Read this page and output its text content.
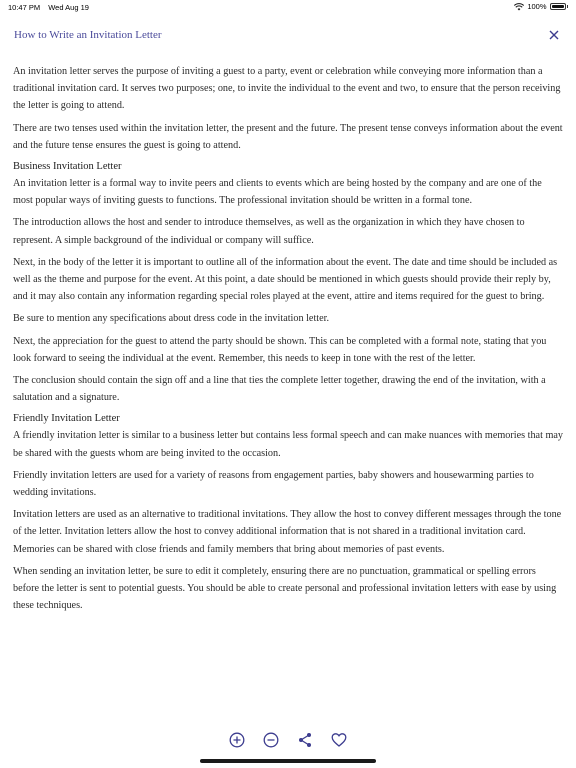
10:47 PM Wed Aug 19	100%
How to Write an Invitation Letter

An invitation letter serves the purpose of inviting a guest to a party, event or celebration while conveying more information than a traditional invitation card. It serves two purposes; one, to invite the individual to the event and two, to ensure that the person receiving the letter is going to attend.

There are two tenses used within the invitation letter, the present and the future. The present tense conveys information about the event and the future tense ensures the guest is going to attend.

Business Invitation Letter

An invitation letter is a formal way to invite peers and clients to events which are being hosted by the company and are one of the most popular ways of inviting guests to functions. The professional invitation should be written in a formal tone.

The introduction allows the host and sender to introduce themselves, as well as the organization in which they have chosen to represent. A simple background of the individual or company will suffice.

Next, in the body of the letter it is important to outline all of the information about the event. The date and time should be included as well as the theme and purpose for the event. At this point, a date should be mentioned in which guests should provide their reply by, and it may also contain any information regarding special roles played at the event, attire and items required for the guest to bring.

Be sure to mention any specifications about dress code in the invitation letter.

Next, the appreciation for the guest to attend the party should be shown. This can be completed with a formal note, stating that you look forward to seeing the individual at the event. Remember, this needs to keep in tone with the rest of the letter.

The conclusion should contain the sign off and a line that ties the complete letter together, drawing the end of the invitation, with a salutation and a signature.

Friendly Invitation Letter

A friendly invitation letter is similar to a business letter but contains less formal speech and can make nuances with memories that may be shared with the guests whom are being invited to the occasion.

Friendly invitation letters are used for a variety of reasons from engagement parties, baby showers and housewarming parties to wedding invitations.

Invitation letters are used as an alternative to traditional invitations. They allow the host to convey different messages through the tone of the letter. Invitation letters allow the host to convey additional information that is not shared in a traditional invitation card. Memories can be shared with close friends and family members that bring about memories of past events.

When sending an invitation letter, be sure to edit it completely, ensuring there are no punctuation, grammatical or spelling errors before the letter is sent to potential guests. You should be able to create personal and professional invitation letters with ease by using these techniques.
